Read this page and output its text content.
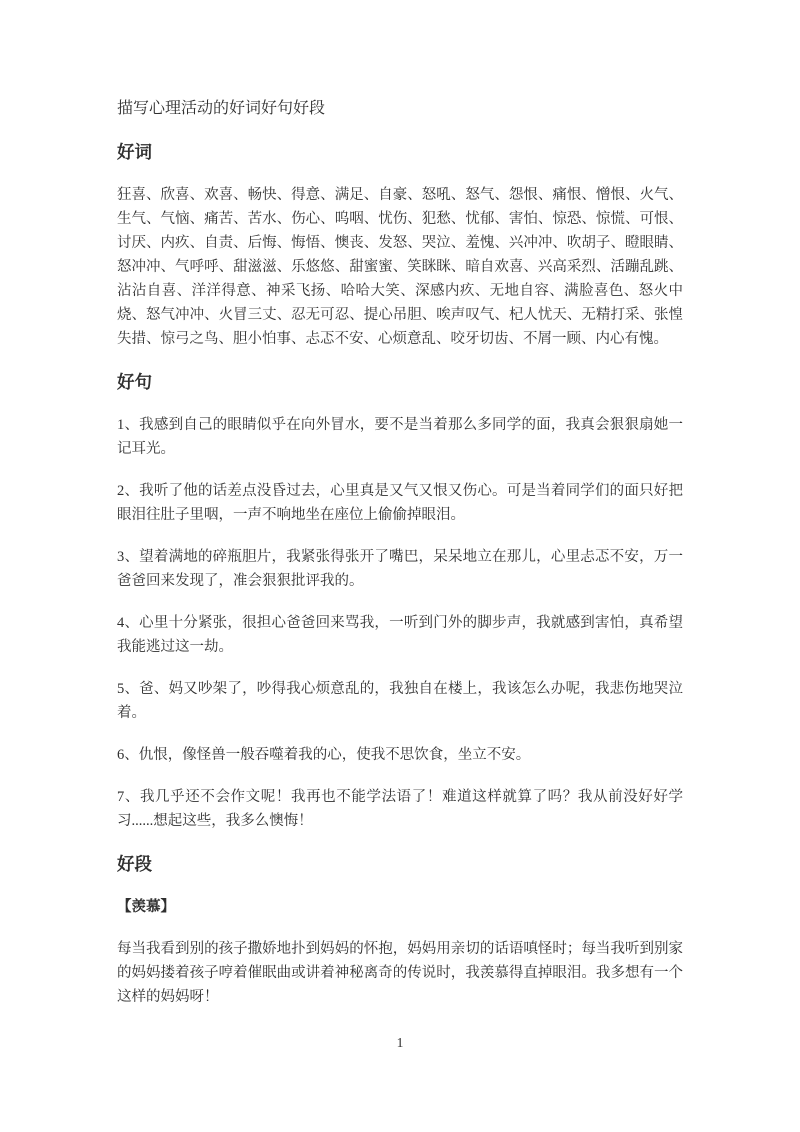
描写心理活动的好词好句好段

好词

狂喜、欣喜、欢喜、畅快、得意、满足、自豪、怒吼、怒气、怨恨、痛恨、憎恨、火气、生气、气恼、痛苦、苦水、伤心、呜咽、忧伤、犯愁、忧郁、害怕、惊恐、惊慌、可恨、讨厌、内疚、自责、后悔、悔悟、懊丧、发怒、哭泣、羞愧、兴冲冲、吹胡子、瞪眼睛、怒冲冲、气呼呼、甜滋滋、乐悠悠、甜蜜蜜、笑眯眯、暗自欢喜、兴高采烈、活蹦乱跳、沾沾自喜、洋洋得意、神采飞扬、哈哈大笑、深感内疚、无地自容、满脸喜色、怒火中烧、怒气冲冲、火冒三丈、忍无可忍、提心吊胆、唉声叹气、杞人忧天、无精打采、张惶失措、惊弓之鸟、胆小怕事、忐忑不安、心烦意乱、咬牙切齿、不屑一顾、内心有愧。

好句

1、我感到自己的眼睛似乎在向外冒水，要不是当着那么多同学的面，我真会狠狠扇她一记耳光。

2、我听了他的话差点没昏过去，心里真是又气又恨又伤心。可是当着同学们的面只好把眼泪往肚子里咽，一声不响地坐在座位上偷偷掉眼泪。

3、望着满地的碎瓶胆片，我紧张得张开了嘴巴，呆呆地立在那儿，心里忐忑不安，万一爸爸回来发现了，准会狠狠批评我的。

4、心里十分紧张，很担心爸爸回来骂我，一听到门外的脚步声，我就感到害怕，真希望我能逃过这一劫。

5、爸、妈又吵架了，吵得我心烦意乱的，我独自在楼上，我该怎么办呢，我悲伤地哭泣着。

6、仇恨，像怪兽一般吞噬着我的心，使我不思饮食，坐立不安。

7、我几乎还不会作文呢！我再也不能学法语了！难道这样就算了吗？我从前没好好学习......想起这些，我多么懊悔！

好段

【羡慕】

每当我看到别的孩子撒娇地扑到妈妈的怀抱，妈妈用亲切的话语嗔怪时；每当我听到别家的妈妈搂着孩子哼着催眠曲或讲着神秘离奇的传说时，我羡慕得直掉眼泪。我多想有一个这样的妈妈呀！

1
